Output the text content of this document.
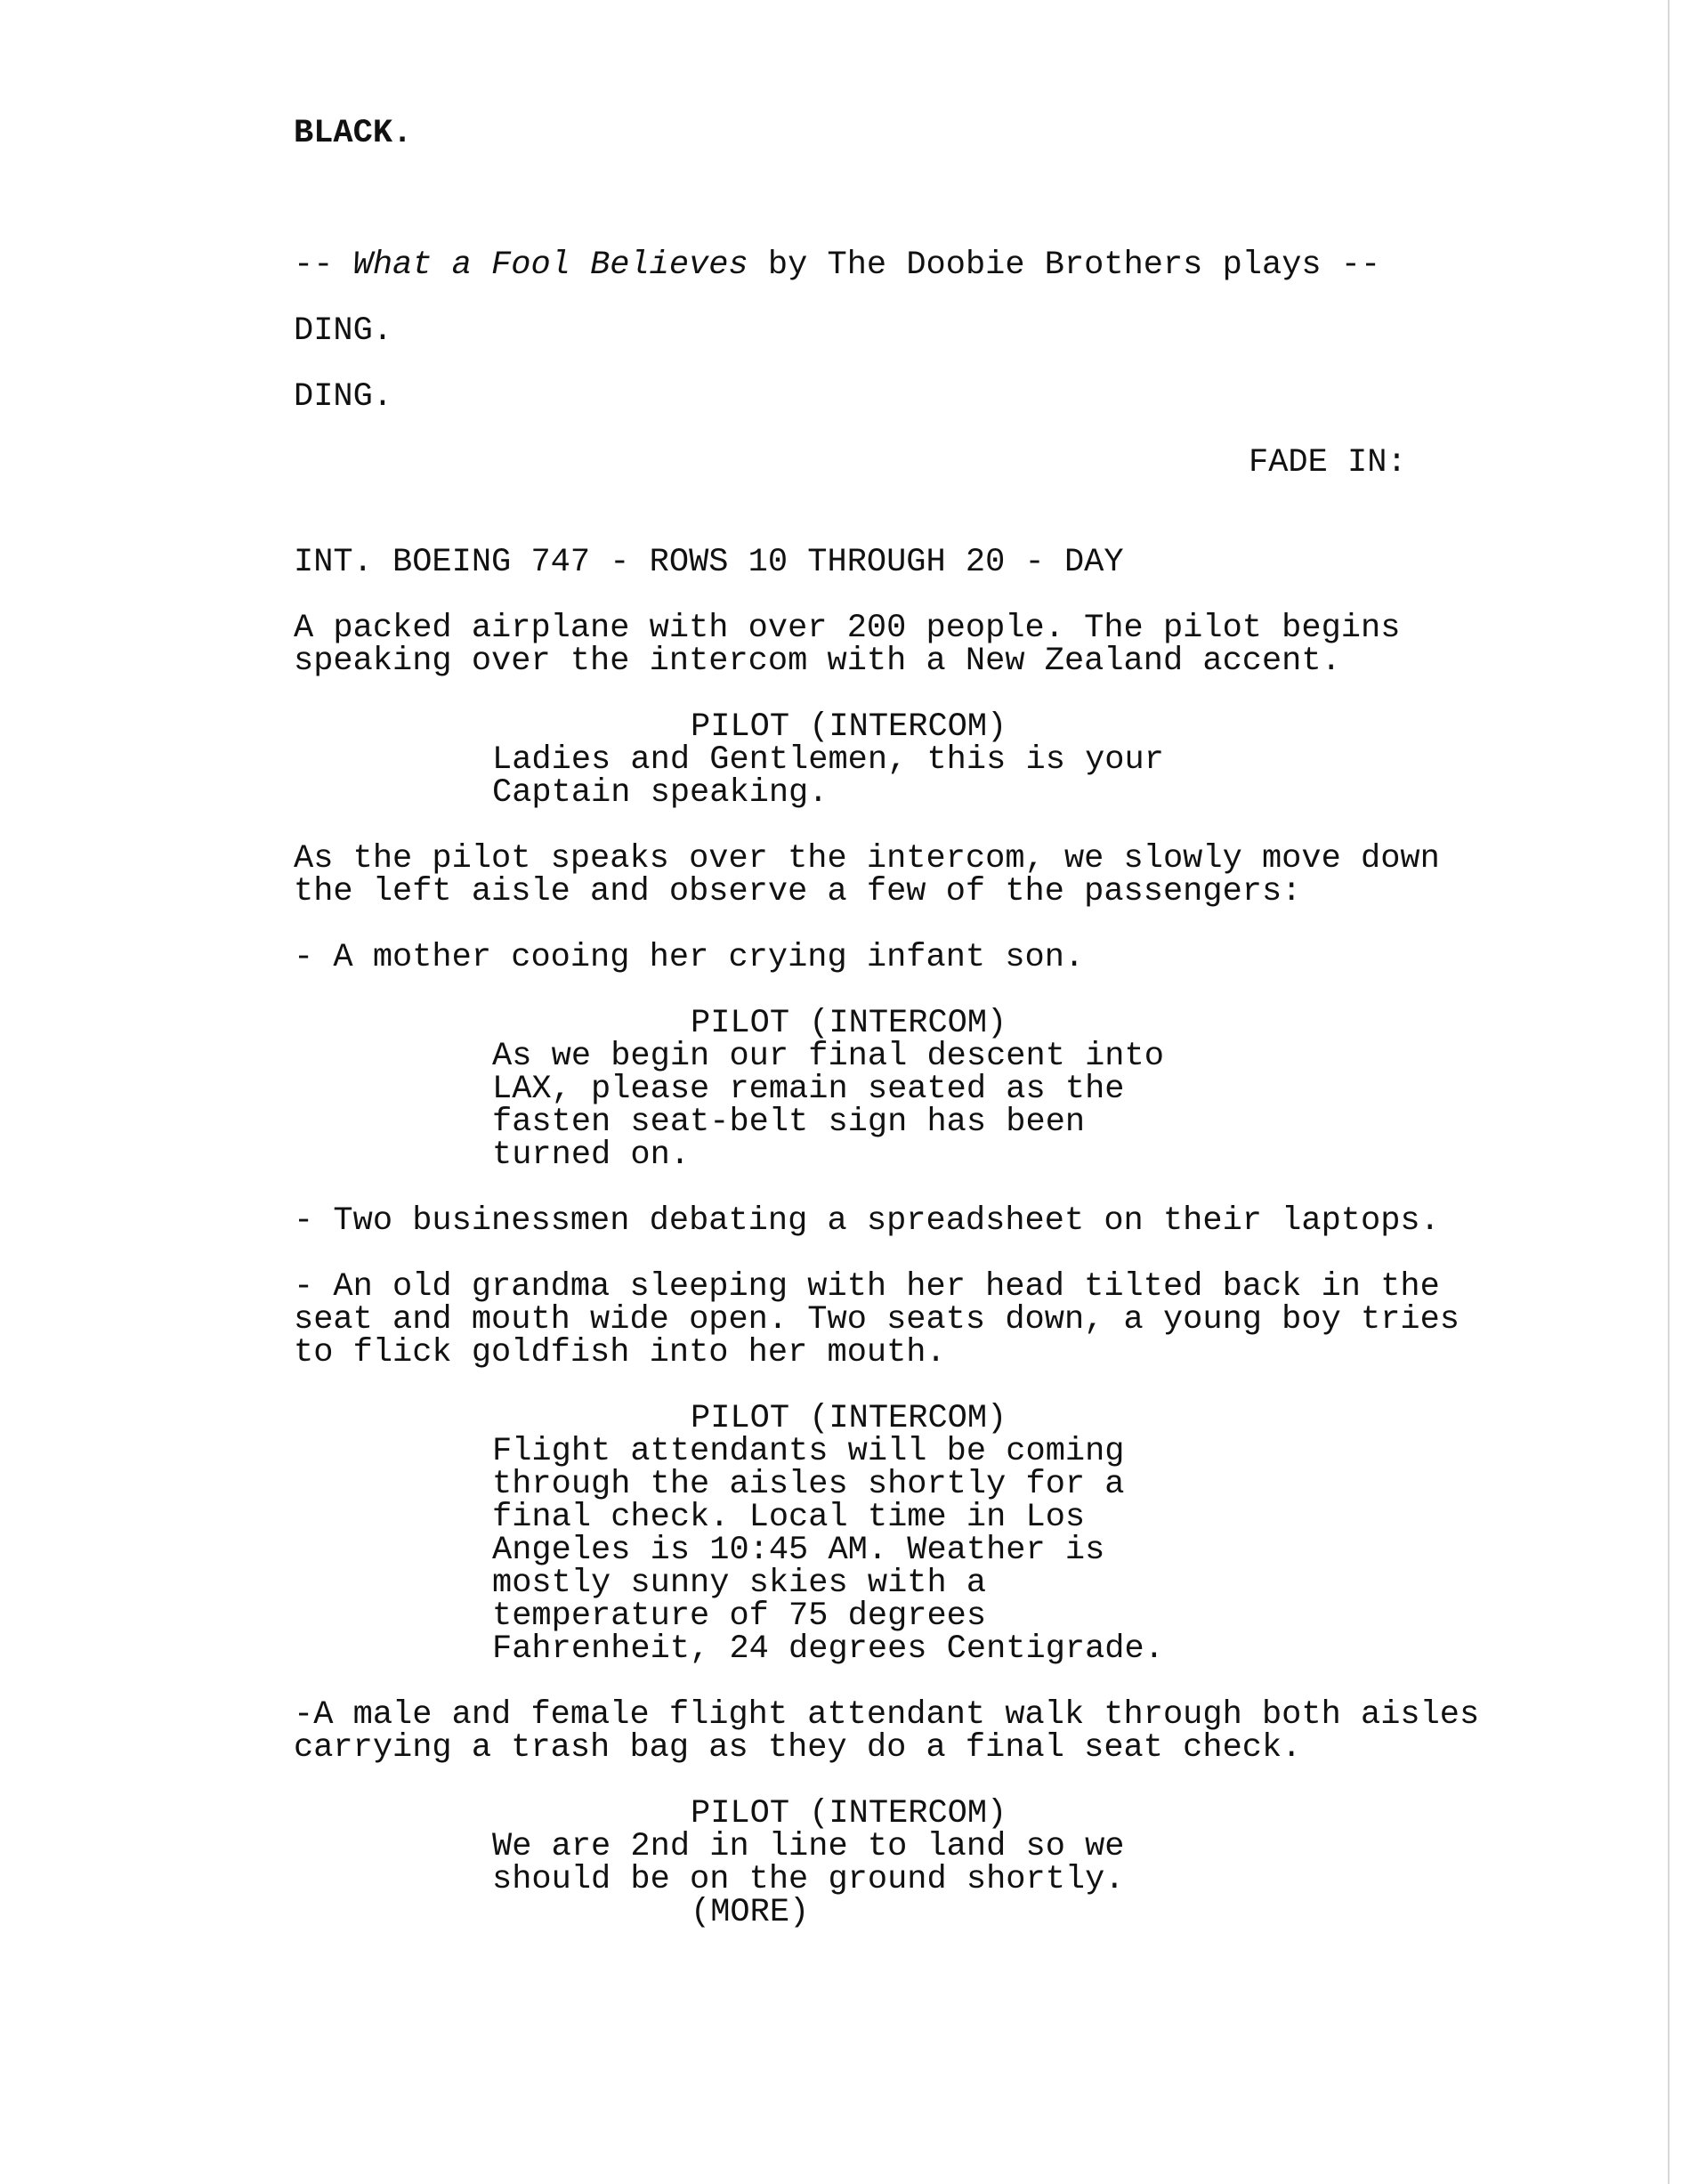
BLACK.
-- What a Fool Believes by The Doobie Brothers plays --
DING.
DING.
FADE IN:
INT. BOEING 747 - ROWS 10 THROUGH 20 - DAY
A packed airplane with over 200 people. The pilot begins
speaking over the intercom with a New Zealand accent.
PILOT (INTERCOM)
Ladies and Gentlemen, this is your
Captain speaking.
As the pilot speaks over the intercom, we slowly move down
the left aisle and observe a few of the passengers:
- A mother cooing her crying infant son.
PILOT (INTERCOM)
As we begin our final descent into
LAX, please remain seated as the
fasten seat-belt sign has been
turned on.
- Two businessmen debating a spreadsheet on their laptops.
- An old grandma sleeping with her head tilted back in the
seat and mouth wide open. Two seats down, a young boy tries
to flick goldfish into her mouth.
PILOT (INTERCOM)
Flight attendants will be coming
through the aisles shortly for a
final check. Local time in Los
Angeles is 10:45 AM. Weather is
mostly sunny skies with a
temperature of 75 degrees
Fahrenheit, 24 degrees Centigrade.
-A male and female flight attendant walk through both aisles
carrying a trash bag as they do a final seat check.
PILOT (INTERCOM)
We are 2nd in line to land so we
should be on the ground shortly.
(MORE)
